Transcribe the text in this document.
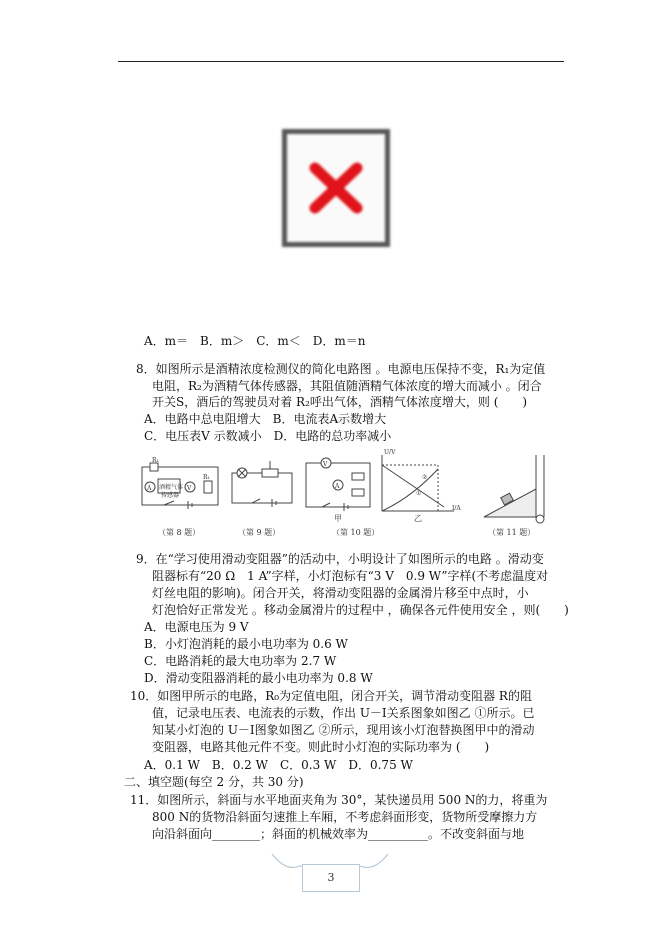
A．m＝　B．m＞　C．m＜　D．m＝n
8．如图所示是酒精浓度检测仪的简化电路图 。电源电压保持不变，R₁为定值
电阻，R₂为酒精气体传感器，其阻值随酒精气体浓度的增大而减小 。闭合
开关S，酒后的驾驶员对着 R₂呼出气体，酒精气体浓度增大，则 (　　)
A．电路中总电阻增大　B．电流表A示数增大
C．电压表V 示数减小　D．电路的总功率减小
A	V
R₁
R₁
酒精气体
传感器
（第 8 题）	（第 9 题）
A
V
①
②
甲	乙
U/V
I/A
（第 10 题）	（第 11 题）
9．在“学习使用滑动变阻器”的活动中，小明设计了如图所示的电路 。滑动变
阻器标有“20 Ω　1 A”字样，小灯泡标有“3 V　0.9 W”字样(不考虑温度对
灯丝电阻的影响)。闭合开关，将滑动变阻器的金属滑片移至中点时，小
灯泡恰好正常发光 。移动金属滑片的过程中 ，确保各元件使用安全 ，则(　　)
A．电源电压为 9 V
B．小灯泡消耗的最小电功率为 0.6 W
C．电路消耗的最大电功率为 2.7 W
D．滑动变阻器消耗的最小电功率为 0.8 W
10．如图甲所示的电路，R₀为定值电阻，闭合开关，调节滑动变阻器 R的阻
值，记录电压表、电流表的示数，作出 U－I关系图象如图乙 ①所示。已
知某小灯泡的 U－I图象如图乙 ②所示，现用该小灯泡替换图甲中的滑动
变阻器，电路其他元件不变。则此时小灯泡的实际功率为 (　　)
A．0.1 W　B．0.2 W　C．0.3 W　D．0.75 W
二、填空题(每空 2 分，共 30 分)
11．如图所示，斜面与水平地面夹角为 30°，某快递员用 500 N的力，将重为
800 N的货物沿斜面匀速推上车厢，不考虑斜面形变，货物所受摩擦力方
向沿斜面向________；斜面的机械效率为__________。不改变斜面与地
3
